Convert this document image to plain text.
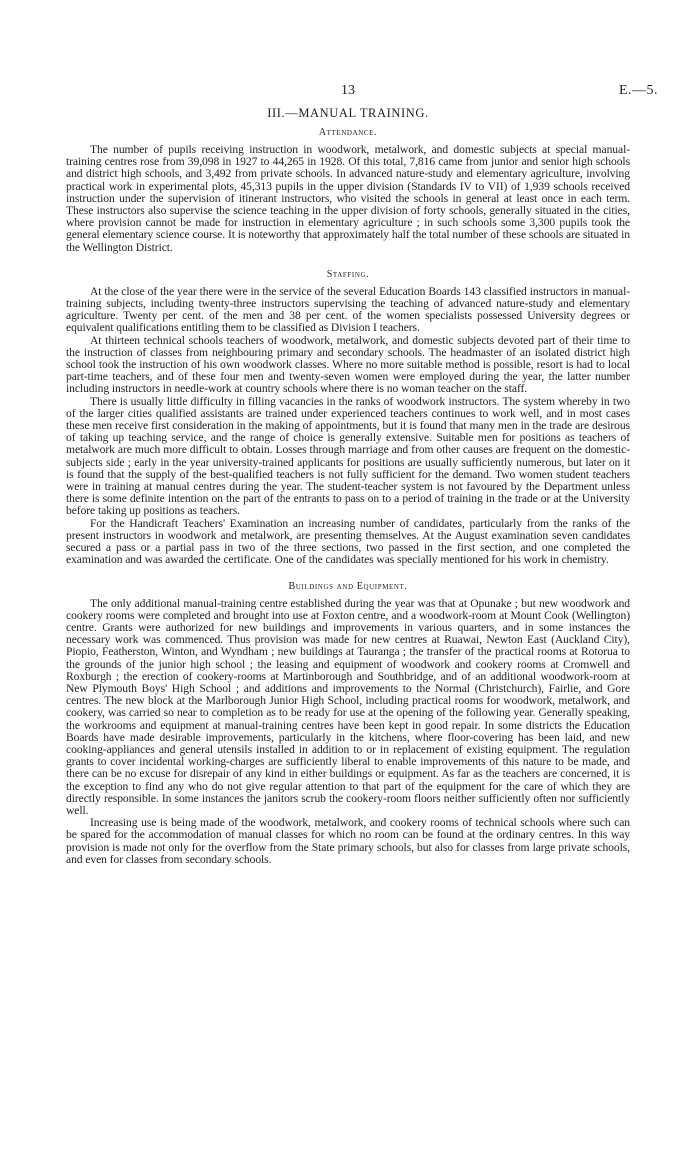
13	E.—5.
III.—MANUAL TRAINING.
Attendance.

The number of pupils receiving instruction in woodwork, metalwork, and domestic subjects at special manual-training centres rose from 39,098 in 1927 to 44,265 in 1928. Of this total, 7,816 came from junior and senior high schools and district high schools, and 3,492 from private schools. In advanced nature-study and elementary agriculture, involving practical work in experimental plots, 45,313 pupils in the upper division (Standards IV to VII) of 1,939 schools received instruction under the supervision of itinerant instructors, who visited the schools in general at least once in each term. These instructors also supervise the science teaching in the upper division of forty schools, generally situated in the cities, where provision cannot be made for instruction in elementary agriculture ; in such schools some 3,300 pupils took the general elementary science course. It is noteworthy that approximately half the total number of these schools are situated in the Wellington District.

Staffing.

At the close of the year there were in the service of the several Education Boards 143 classified instructors in manual-training subjects, including twenty-three instructors supervising the teaching of advanced nature-study and elementary agriculture. Twenty per cent. of the men and 38 per cent. of the women specialists possessed University degrees or equivalent qualifications entitling them to be classified as Division I teachers.

At thirteen technical schools teachers of woodwork, metalwork, and domestic subjects devoted part of their time to the instruction of classes from neighbouring primary and secondary schools. The headmaster of an isolated district high school took the instruction of his own woodwork classes. Where no more suitable method is possible, resort is had to local part-time teachers, and of these four men and twenty-seven women were employed during the year, the latter number including instructors in needle-work at country schools where there is no woman teacher on the staff.

There is usually little difficulty in filling vacancies in the ranks of woodwork instructors. The system whereby in two of the larger cities qualified assistants are trained under experienced teachers continues to work well, and in most cases these men receive first consideration in the making of appointments, but it is found that many men in the trade are desirous of taking up teaching service, and the range of choice is generally extensive. Suitable men for positions as teachers of metalwork are much more difficult to obtain. Losses through marriage and from other causes are frequent on the domestic-subjects side ; early in the year university-trained applicants for positions are usually sufficiently numerous, but later on it is found that the supply of the best-qualified teachers is not fully sufficient for the demand. Two women student teachers were in training at manual centres during the year. The student-teacher system is not favoured by the Department unless there is some definite intention on the part of the entrants to pass on to a period of training in the trade or at the University before taking up positions as teachers.

For the Handicraft Teachers' Examination an increasing number of candidates, particularly from the ranks of the present instructors in woodwork and metalwork, are presenting themselves. At the August examination seven candidates secured a pass or a partial pass in two of the three sections, two passed in the first section, and one completed the examination and was awarded the certificate. One of the candidates was specially mentioned for his work in chemistry.

Buildings and Equipment.

The only additional manual-training centre established during the year was that at Opunake ; but new woodwork and cookery rooms were completed and brought into use at Foxton centre, and a woodwork-room at Mount Cook (Wellington) centre. Grants were authorized for new buildings and improvements in various quarters, and in some instances the necessary work was commenced. Thus provision was made for new centres at Ruawai, Newton East (Auckland City), Piopio, Featherston, Winton, and Wyndham ; new buildings at Tauranga ; the transfer of the practical rooms at Rotorua to the grounds of the junior high school ; the leasing and equipment of woodwork and cookery rooms at Cromwell and Roxburgh ; the erection of cookery-rooms at Martinborough and Southbridge, and of an additional woodwork-room at New Plymouth Boys' High School ; and additions and improvements to the Normal (Christchurch), Fairlie, and Gore centres. The new block at the Marlborough Junior High School, including practical rooms for woodwork, metalwork, and cookery, was carried so near to completion as to be ready for use at the opening of the following year. Generally speaking, the workrooms and equipment at manual-training centres have been kept in good repair. In some districts the Education Boards have made desirable improvements, particularly in the kitchens, where floor-covering has been laid, and new cooking-appliances and general utensils installed in addition to or in replacement of existing equipment. The regulation grants to cover incidental working-charges are sufficiently liberal to enable improvements of this nature to be made, and there can be no excuse for disrepair of any kind in either buildings or equipment. As far as the teachers are concerned, it is the exception to find any who do not give regular attention to that part of the equipment for the care of which they are directly responsible. In some instances the janitors scrub the cookery-room floors neither sufficiently often nor sufficiently well.

Increasing use is being made of the woodwork, metalwork, and cookery rooms of technical schools where such can be spared for the accommodation of manual classes for which no room can be found at the ordinary centres. In this way provision is made not only for the overflow from the State primary schools, but also for classes from large private schools, and even for classes from secondary schools.
